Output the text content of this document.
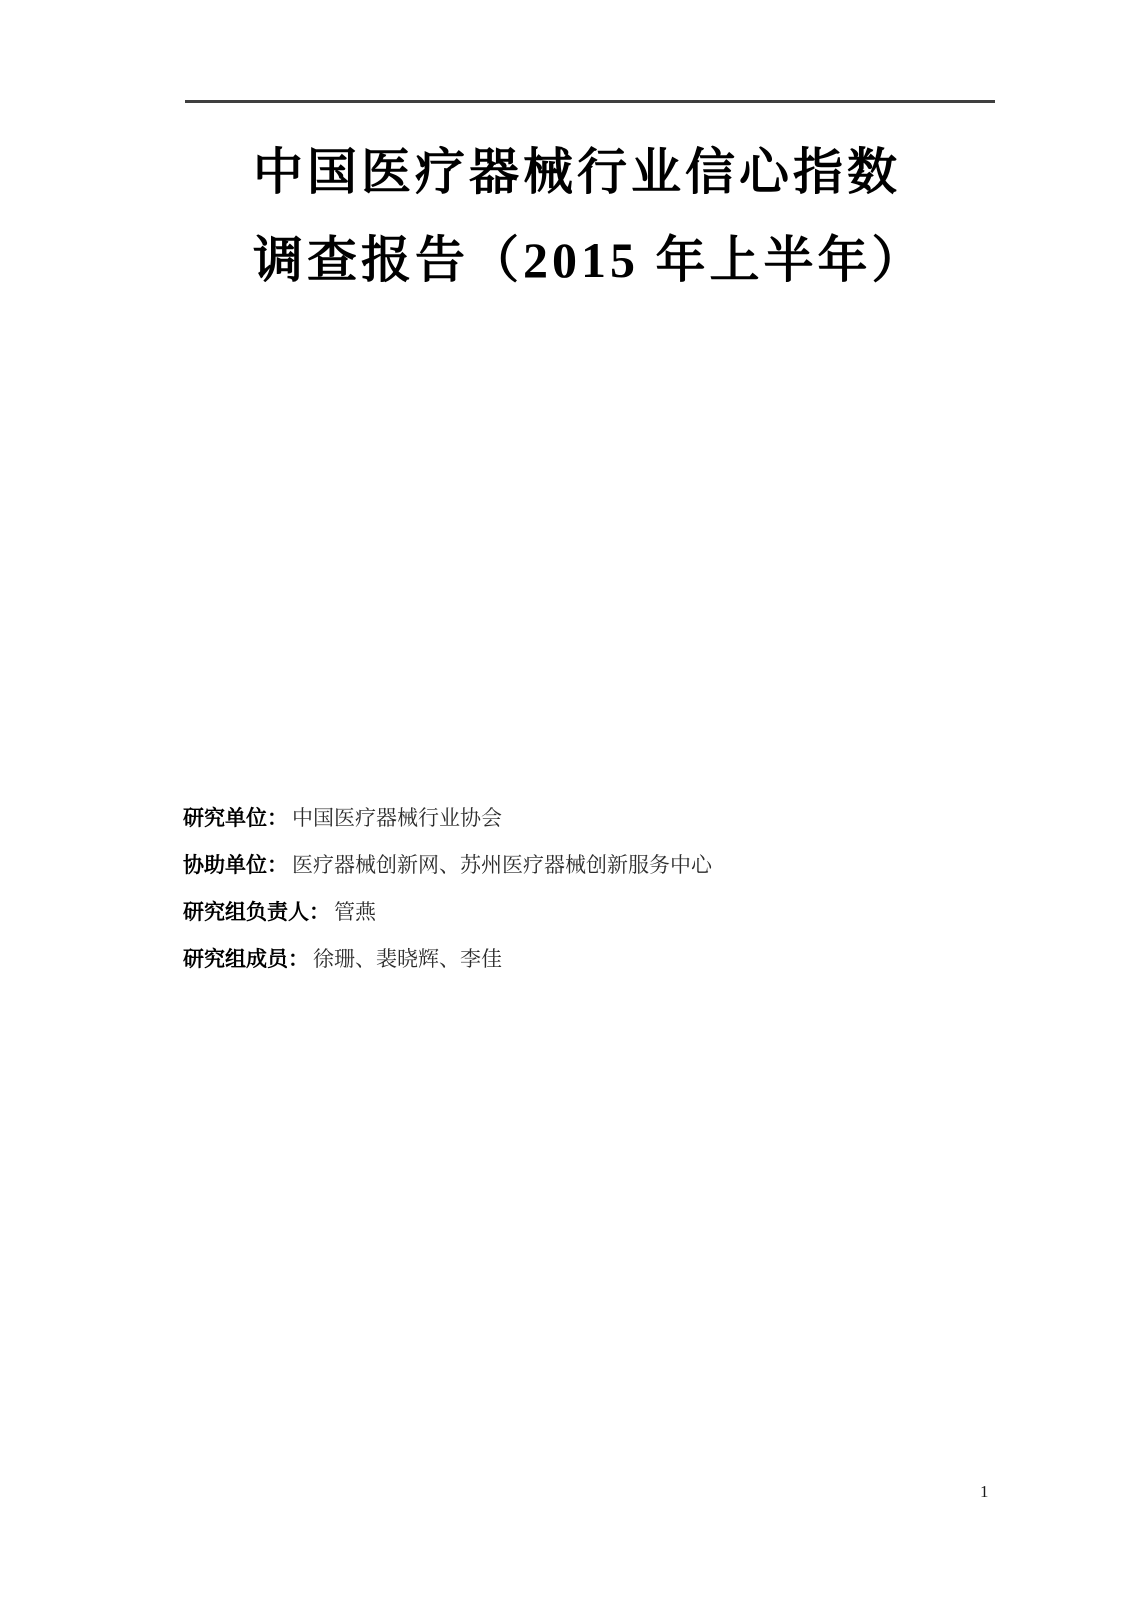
中国医疗器械行业信心指数
调查报告（2015 年上半年）

研究单位： 中国医疗器械行业协会

协助单位： 医疗器械创新网、苏州医疗器械创新服务中心

研究组负责人： 管燕

研究组成员： 徐珊、裴晓辉、李佳

1
